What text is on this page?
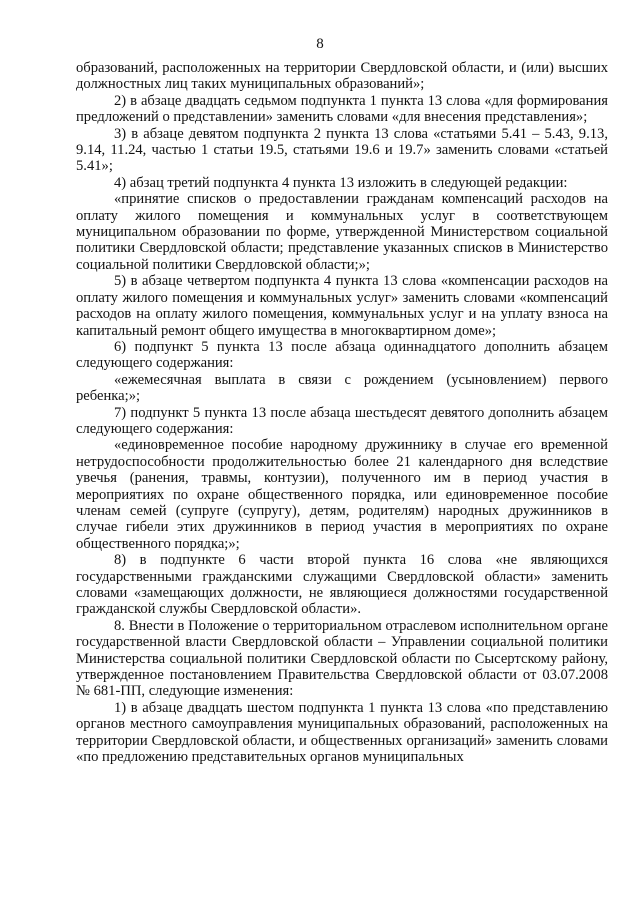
8

образований, расположенных на территории Свердловской области, и (или) высших должностных лиц таких муниципальных образований»;

2) в абзаце двадцать седьмом подпункта 1 пункта 13 слова «для формирования предложений о представлении» заменить словами «для внесения представления»;

3) в абзаце девятом подпункта 2 пункта 13 слова «статьями 5.41 – 5.43, 9.13, 9.14, 11.24, частью 1 статьи 19.5, статьями 19.6 и 19.7» заменить словами «статьей 5.41»;

4) абзац третий подпункта 4 пункта 13 изложить в следующей редакции:

«принятие списков о предоставлении гражданам компенсаций расходов на оплату жилого помещения и коммунальных услуг в соответствующем муниципальном образовании по форме, утвержденной Министерством социальной политики Свердловской области; представление указанных списков в Министерство социальной политики Свердловской области;»;

5) в абзаце четвертом подпункта 4 пункта 13 слова «компенсации расходов на оплату жилого помещения и коммунальных услуг» заменить словами «компенсаций расходов на оплату жилого помещения, коммунальных услуг и на уплату взноса на капитальный ремонт общего имущества в многоквартирном доме»;

6) подпункт 5 пункта 13 после абзаца одиннадцатого дополнить абзацем следующего содержания:

«ежемесячная выплата в связи с рождением (усыновлением) первого ребенка;»;

7) подпункт 5 пункта 13 после абзаца шестьдесят девятого дополнить абзацем следующего содержания:

«единовременное пособие народному дружиннику в случае его временной нетрудоспособности продолжительностью более 21 календарного дня вследствие увечья (ранения, травмы, контузии), полученного им в период участия в мероприятиях по охране общественного порядка, или единовременное пособие членам семей (супруге (супругу), детям, родителям) народных дружинников в случае гибели этих дружинников в период участия в мероприятиях по охране общественного порядка;»;

8) в подпункте 6 части второй пункта 16 слова «не являющихся государственными гражданскими служащими Свердловской области» заменить словами «замещающих должности, не являющиеся должностями государственной гражданской службы Свердловской области».

8. Внести в Положение о территориальном отраслевом исполнительном органе государственной власти Свердловской области – Управлении социальной политики Министерства социальной политики Свердловской области по Сысертскому району, утвержденное постановлением Правительства Свердловской области от 03.07.2008 № 681-ПП, следующие изменения:

1) в абзаце двадцать шестом подпункта 1 пункта 13 слова «по представлению органов местного самоуправления муниципальных образований, расположенных на территории Свердловской области, и общественных организаций» заменить словами «по предложению представительных органов муниципальных
